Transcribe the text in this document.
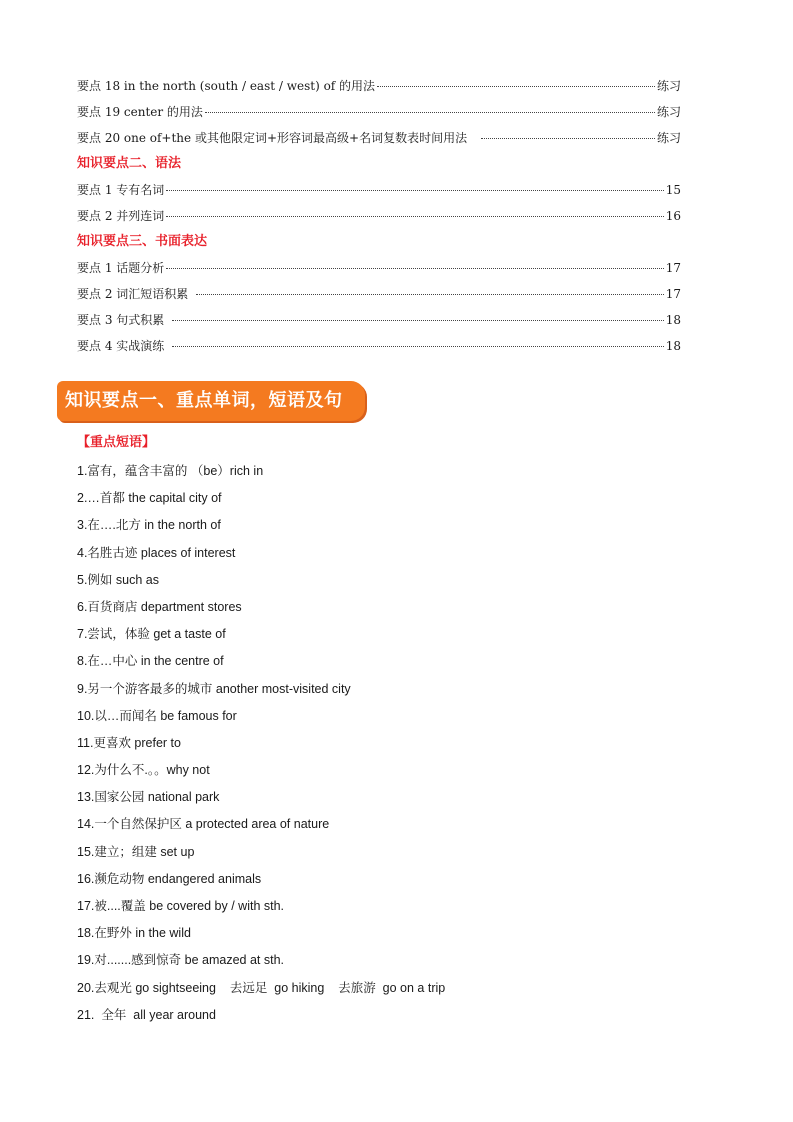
要点 18 in the north (south / east / west) of 的用法	练习
要点 19 center 的用法	练习
要点 20 one of+the 或其他限定词+形容词最高级+名词复数表时间用法	练习
知识要点二、语法
要点 1 专有名词	15
要点 2 并列连词	16
知识要点三、书面表达
要点 1 话题分析	17
要点 2 词汇短语积累	17
要点 3 句式积累	18
要点 4 实战演练	18
知识要点一、重点单词，短语及句
【重点短语】
1.富有，蕴含丰富的 （be）rich in
2.…首都 the capital city of
3.在….北方 in the north of
4.名胜古迹 places of interest
5.例如 such as
6.百货商店 department stores
7.尝试，体验 get a taste of
8.在…中心 in the centre of
9.另一个游客最多的城市 another most-visited city
10.以…而闻名 be famous for
11.更喜欢 prefer to
12.为什么不.。。why not
13.国家公园 national park
14.一个自然保护区 a protected area of nature
15.建立；组建 set up
16.濒危动物 endangered animals
17.被....覆盖 be covered by / with sth.
18.在野外 in the wild
19.对.......感到惊奇 be amazed at sth.
20.去观光 go sightseeing    去远足  go hiking    去旅游  go on a trip
21.  全年  all year around
